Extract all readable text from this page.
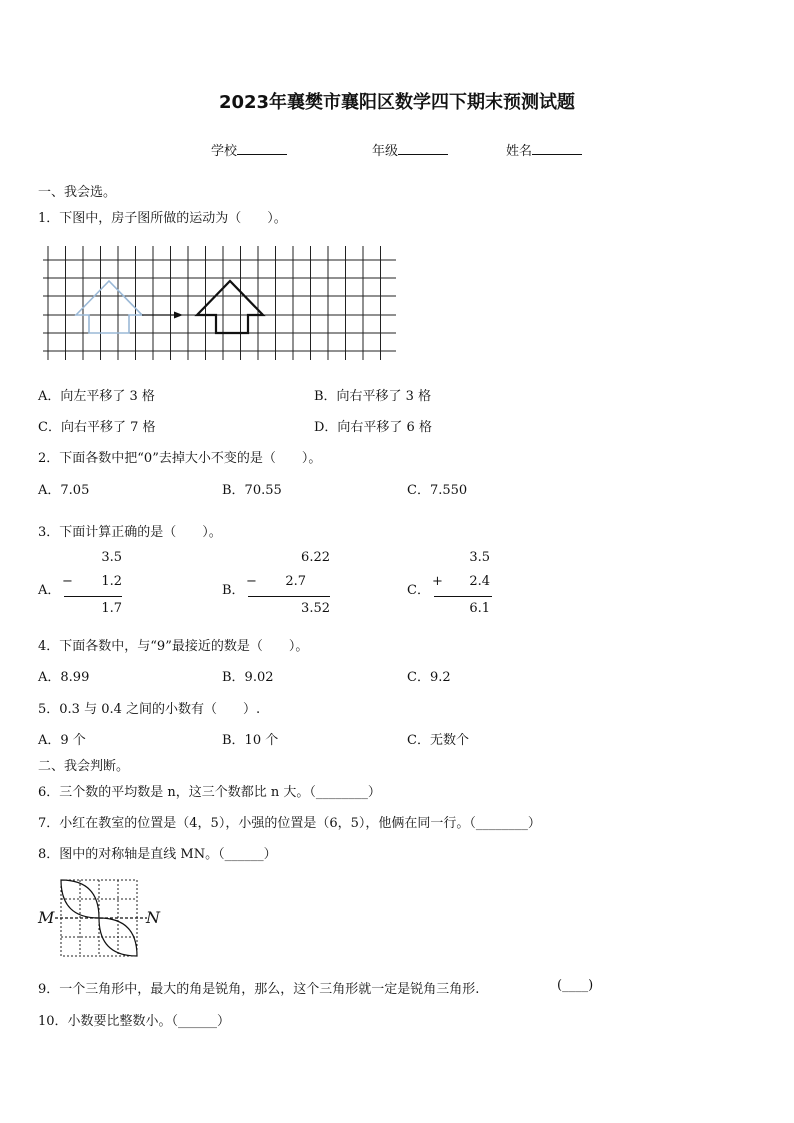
2023年襄樊市襄阳区数学四下期末预测试题
学校	年级	姓名
一、我会选。
1．下图中，房子图所做的运动为（　　）。
A．向左平移了 3 格	B．向右平移了 3 格
C．向右平移了 7 格	D．向右平移了 6 格
2．下面各数中把“0”去掉大小不变的是（　　）。
A．7.05	B．70.55	C．7.550
3．下面计算正确的是（　　）。
A．
3.5
− 1.2
1.7
B．
6.22
− 2.7
3.52
C．
3.5
+ 2.4
6.1
4．下面各数中，与“9”最接近的数是（　　）。
A．8.99	B．9.02	C．9.2
5．0.3 与 0.4 之间的小数有（　　）.
A．9 个	B．10 个	C．无数个
二、我会判断。
6．三个数的平均数是 n，这三个数都比 n 大。（________）
7．小红在教室的位置是（4，5），小强的位置是（6，5），他俩在同一行。（________）
8．图中的对称轴是直线 MN。（______）
M	N
9．一个三角形中，最大的角是锐角，那么，这个三角形就一定是锐角三角形.	(____)
10．小数要比整数小。（______）
